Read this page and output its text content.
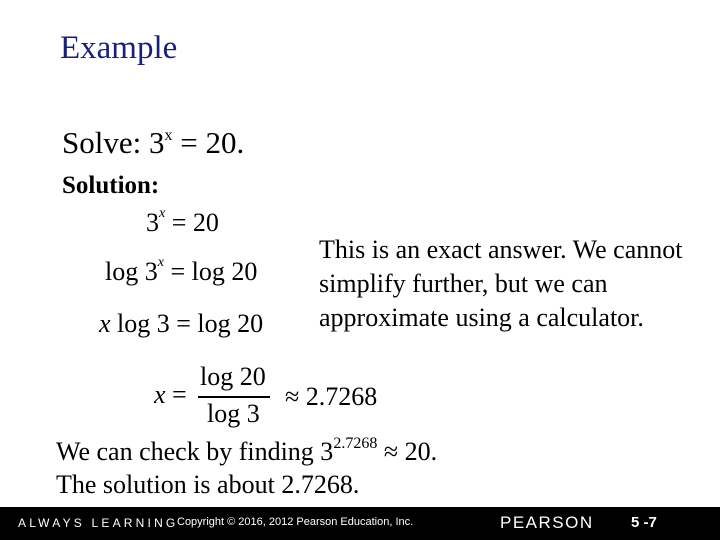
Example
Solve: $3^x = 20$.
Solution:
$3^x = 20$
$\log 3^x = \log 20$
x log 3 = log 20
x =
log 20
log 3
≈ 2.7268
This is an exact answer. We cannot simplify further, but we can approximate using a calculator.
We can check by finding $3^{2.7268} \approx 20$.
The solution is about 2.7268.
ALWAYS LEARNING
Copyright © 2016, 2012 Pearson Education, Inc.	PEARSON 5 -7
